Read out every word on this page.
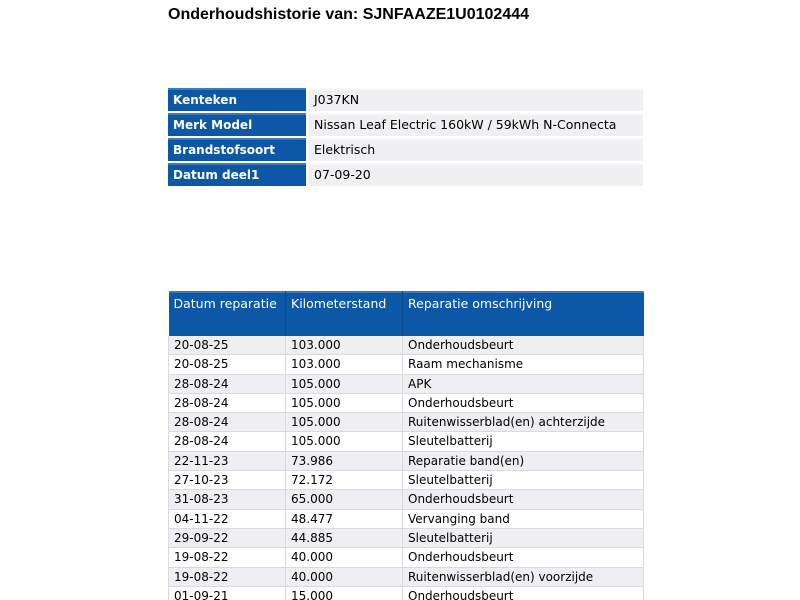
Onderhoudshistorie van: SJNFAAZE1U0102444
Kenteken	J037KN
Merk Model	Nissan Leaf Electric 160kW / 59kWh N-Connecta
Brandstofsoort	Elektrisch
Datum deel1	07-09-20
Datum reparatie	Kilometerstand	Reparatie omschrijving
20-08-25	103.000	Onderhoudsbeurt
20-08-25	103.000	Raam mechanisme
28-08-24	105.000	APK
28-08-24	105.000	Onderhoudsbeurt
28-08-24	105.000	Ruitenwisserblad(en) achterzijde
28-08-24	105.000	Sleutelbatterij
22-11-23	73.986	Reparatie band(en)
27-10-23	72.172	Sleutelbatterij
31-08-23	65.000	Onderhoudsbeurt
04-11-22	48.477	Vervanging band
29-09-22	44.885	Sleutelbatterij
19-08-22	40.000	Onderhoudsbeurt
19-08-22	40.000	Ruitenwisserblad(en) voorzijde
01-09-21	15.000	Onderhoudsbeurt
